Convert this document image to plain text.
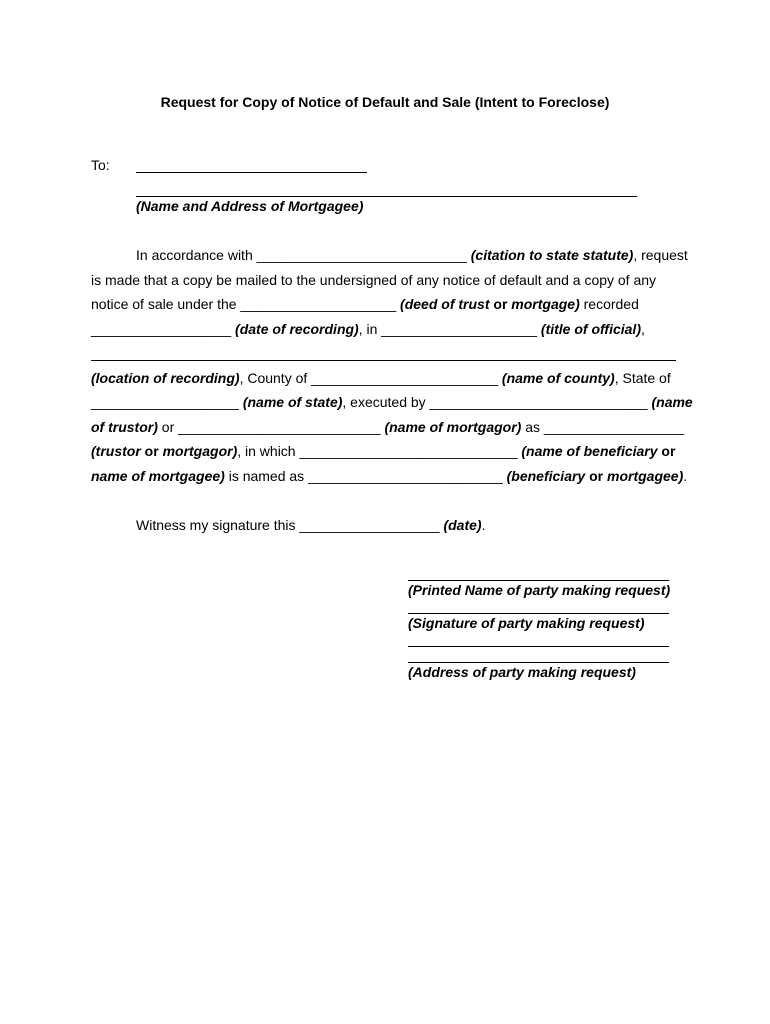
Request for Copy of Notice of Default and Sale (Intent to Foreclose)
To:
(Name and Address of Mortgagee)
In accordance with ___________________________ (citation to state statute), request
is made that a copy be mailed to the undersigned of any notice of default and a copy of any
notice of sale under the ____________________ (deed of trust or mortgage) recorded
__________________ (date of recording), in ____________________ (title of official),
(location of recording), County of ________________________ (name of county), State of
___________________ (name of state), executed by ____________________________ (name
of trustor) or __________________________ (name of mortgagor) as __________________
(trustor or mortgagor), in which ____________________________ (name of beneficiary or
name of mortgagee) is named as _________________________ (beneficiary or mortgagee).
Witness my signature this __________________ (date).
(Printed Name of party making request)
(Signature of party making request)
(Address of party making request)
